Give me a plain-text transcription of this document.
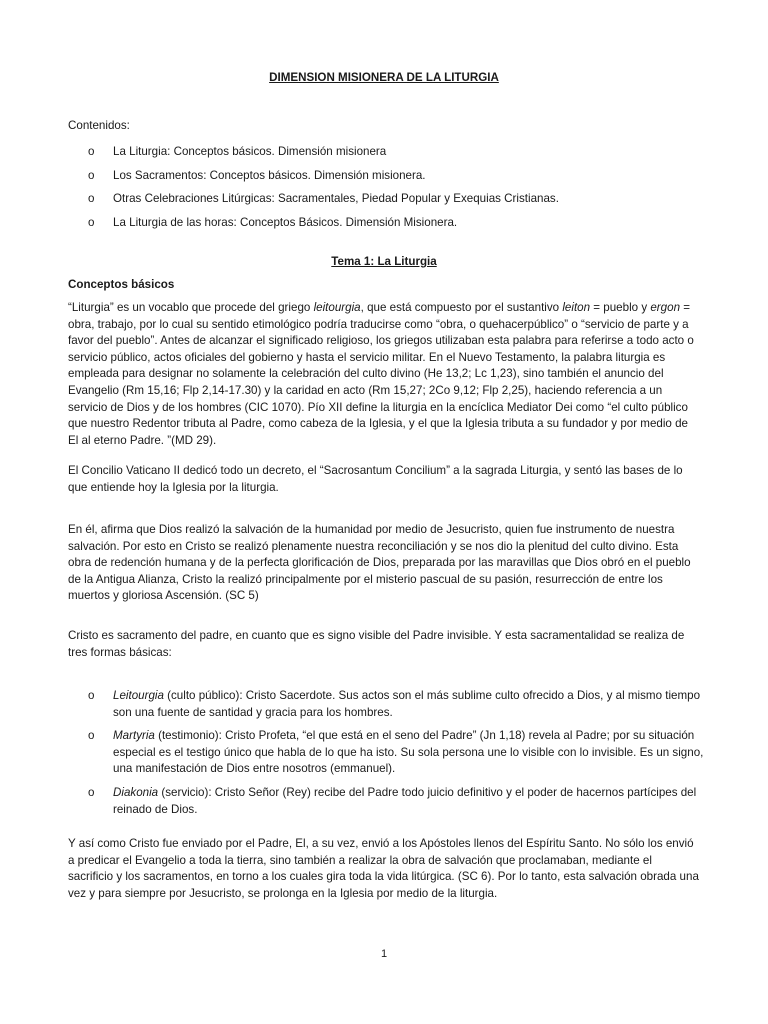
DIMENSION MISIONERA DE LA LITURGIA
Contenidos:
o La Liturgia: Conceptos básicos. Dimensión misionera
o Los Sacramentos: Conceptos básicos. Dimensión misionera.
o Otras Celebraciones Litúrgicas: Sacramentales, Piedad Popular y Exequias Cristianas.
o La Liturgia de las horas: Conceptos Básicos. Dimensión Misionera.
Tema 1: La Liturgia
Conceptos básicos

“Liturgia” es un vocablo que procede del griego leitourgia, que está compuesto por el sustantivo leiton = pueblo y ergon = obra, trabajo, por lo cual su sentido etimológico podría traducirse como “obra, o quehacerpúblico” o “servicio de parte y a favor del pueblo”. Antes de alcanzar el significado religioso, los griegos utilizaban esta palabra para referirse a todo acto o servicio público, actos oficiales del gobierno y hasta el servicio militar. En el Nuevo Testamento, la palabra liturgia es empleada para designar no solamente la celebración del culto divino (He 13,2; Lc 1,23), sino también el anuncio del Evangelio (Rm 15,16; Flp 2,14-17.30) y la caridad en acto (Rm 15,27; 2Co 9,12; Flp 2,25), haciendo referencia a un servicio de Dios y de los hombres (CIC 1070). Pío XII define la liturgia en la encíclica Mediator Dei como “el culto público que nuestro Redentor tributa al Padre, como cabeza de la Iglesia, y el que la Iglesia tributa a su fundador y por medio de El al eterno Padre. ”(MD 29).

El Concilio Vaticano II dedicó todo un decreto, el “Sacrosantum Concilium” a la sagrada Liturgia, y sentó las bases de lo que entiende hoy la Iglesia por la liturgia.

En él, afirma que Dios realizó la salvación de la humanidad por medio de Jesucristo, quien fue instrumento de nuestra salvación. Por esto en Cristo se realizó plenamente nuestra reconciliación y se nos dio la plenitud del culto divino. Esta obra de redención humana y de la perfecta glorificación de Dios, preparada por las maravillas que Dios obró en el pueblo de la Antigua Alianza, Cristo la realizó principalmente por el misterio pascual de su pasión, resurrección de entre los muertos y gloriosa Ascensión. (SC 5)

Cristo es sacramento del padre, en cuanto que es signo visible del Padre invisible. Y esta sacramentalidad se realiza de tres formas básicas:

o Leitourgia (culto público): Cristo Sacerdote. Sus actos son el más sublime culto ofrecido a Dios, y al mismo tiempo son una fuente de santidad y gracia para los hombres.
o Martyria (testimonio): Cristo Profeta, “el que está en el seno del Padre” (Jn 1,18) revela al Padre; por su situación especial es el testigo único que habla de lo que ha isto. Su sola persona une lo visible con lo invisible. Es un signo, una manifestación de Dios entre nosotros (emmanuel).
o Diakonia (servicio): Cristo Señor (Rey) recibe del Padre todo juicio definitivo y el poder de hacernos partícipes del reinado de Dios.

Y así como Cristo fue enviado por el Padre, El, a su vez, envió a los Apóstoles llenos del Espíritu Santo. No sólo los envió a predicar el Evangelio a toda la tierra, sino también a realizar la obra de salvación que proclamaban, mediante el sacrificio y los sacramentos, en torno a los cuales gira toda la vida litúrgica. (SC 6). Por lo tanto, esta salvación obrada una vez y para siempre por Jesucristo, se prolonga en la Iglesia por medio de la liturgia.

1
